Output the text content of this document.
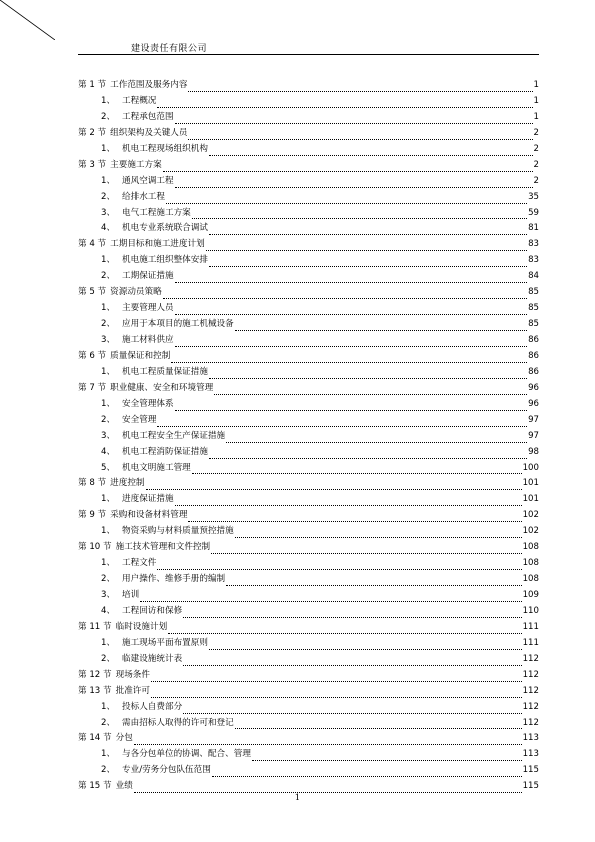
建设责任有限公司
第 1 节 工作范围及服务内容	1
1、 工程概况	1
2、 工程承包范围	1
第 2 节 组织架构及关键人员	2
1、 机电工程现场组织机构	2
第 3 节 主要施工方案	2
1、 通风空调工程	2
2、 给排水工程	35
3、 电气工程施工方案	59
4、 机电专业系统联合调试	81
第 4 节 工期目标和施工进度计划	83
1、 机电施工组织整体安排	83
2、 工期保证措施	84
第 5 节 资源动员策略	85
1、 主要管理人员	85
2、 应用于本项目的施工机械设备	85
3、 施工材料供应	86
第 6 节 质量保证和控制	86
1、 机电工程质量保证措施	86
第 7 节 职业健康、安全和环境管理	96
1、 安全管理体系	96
2、 安全管理	97
3、 机电工程安全生产保证措施	97
4、 机电工程消防保证措施	98
5、 机电文明施工管理	100
第 8 节 进度控制	101
1、 进度保证措施	101
第 9 节 采购和设备材料管理	102
1、 物资采购与材料质量预控措施	102
第 10 节 施工技术管理和文件控制	108
1、 工程文件	108
2、 用户操作、维修手册的编制	108
3、 培训	109
4、 工程回访和保修	110
第 11 节 临时设施计划	111
1、 施工现场平面布置原则	111
2、 临建设施统计表	112
第 12 节 现场条件	112
第 13 节 批准许可	112
1、 投标人自费部分	112
2、 需由招标人取得的许可和登记	112
第 14 节 分包	113
1、 与各分包单位的协调、配合、管理	113
2、 专业/劳务分包队伍范围	115
第 15 节 业绩	115
1
